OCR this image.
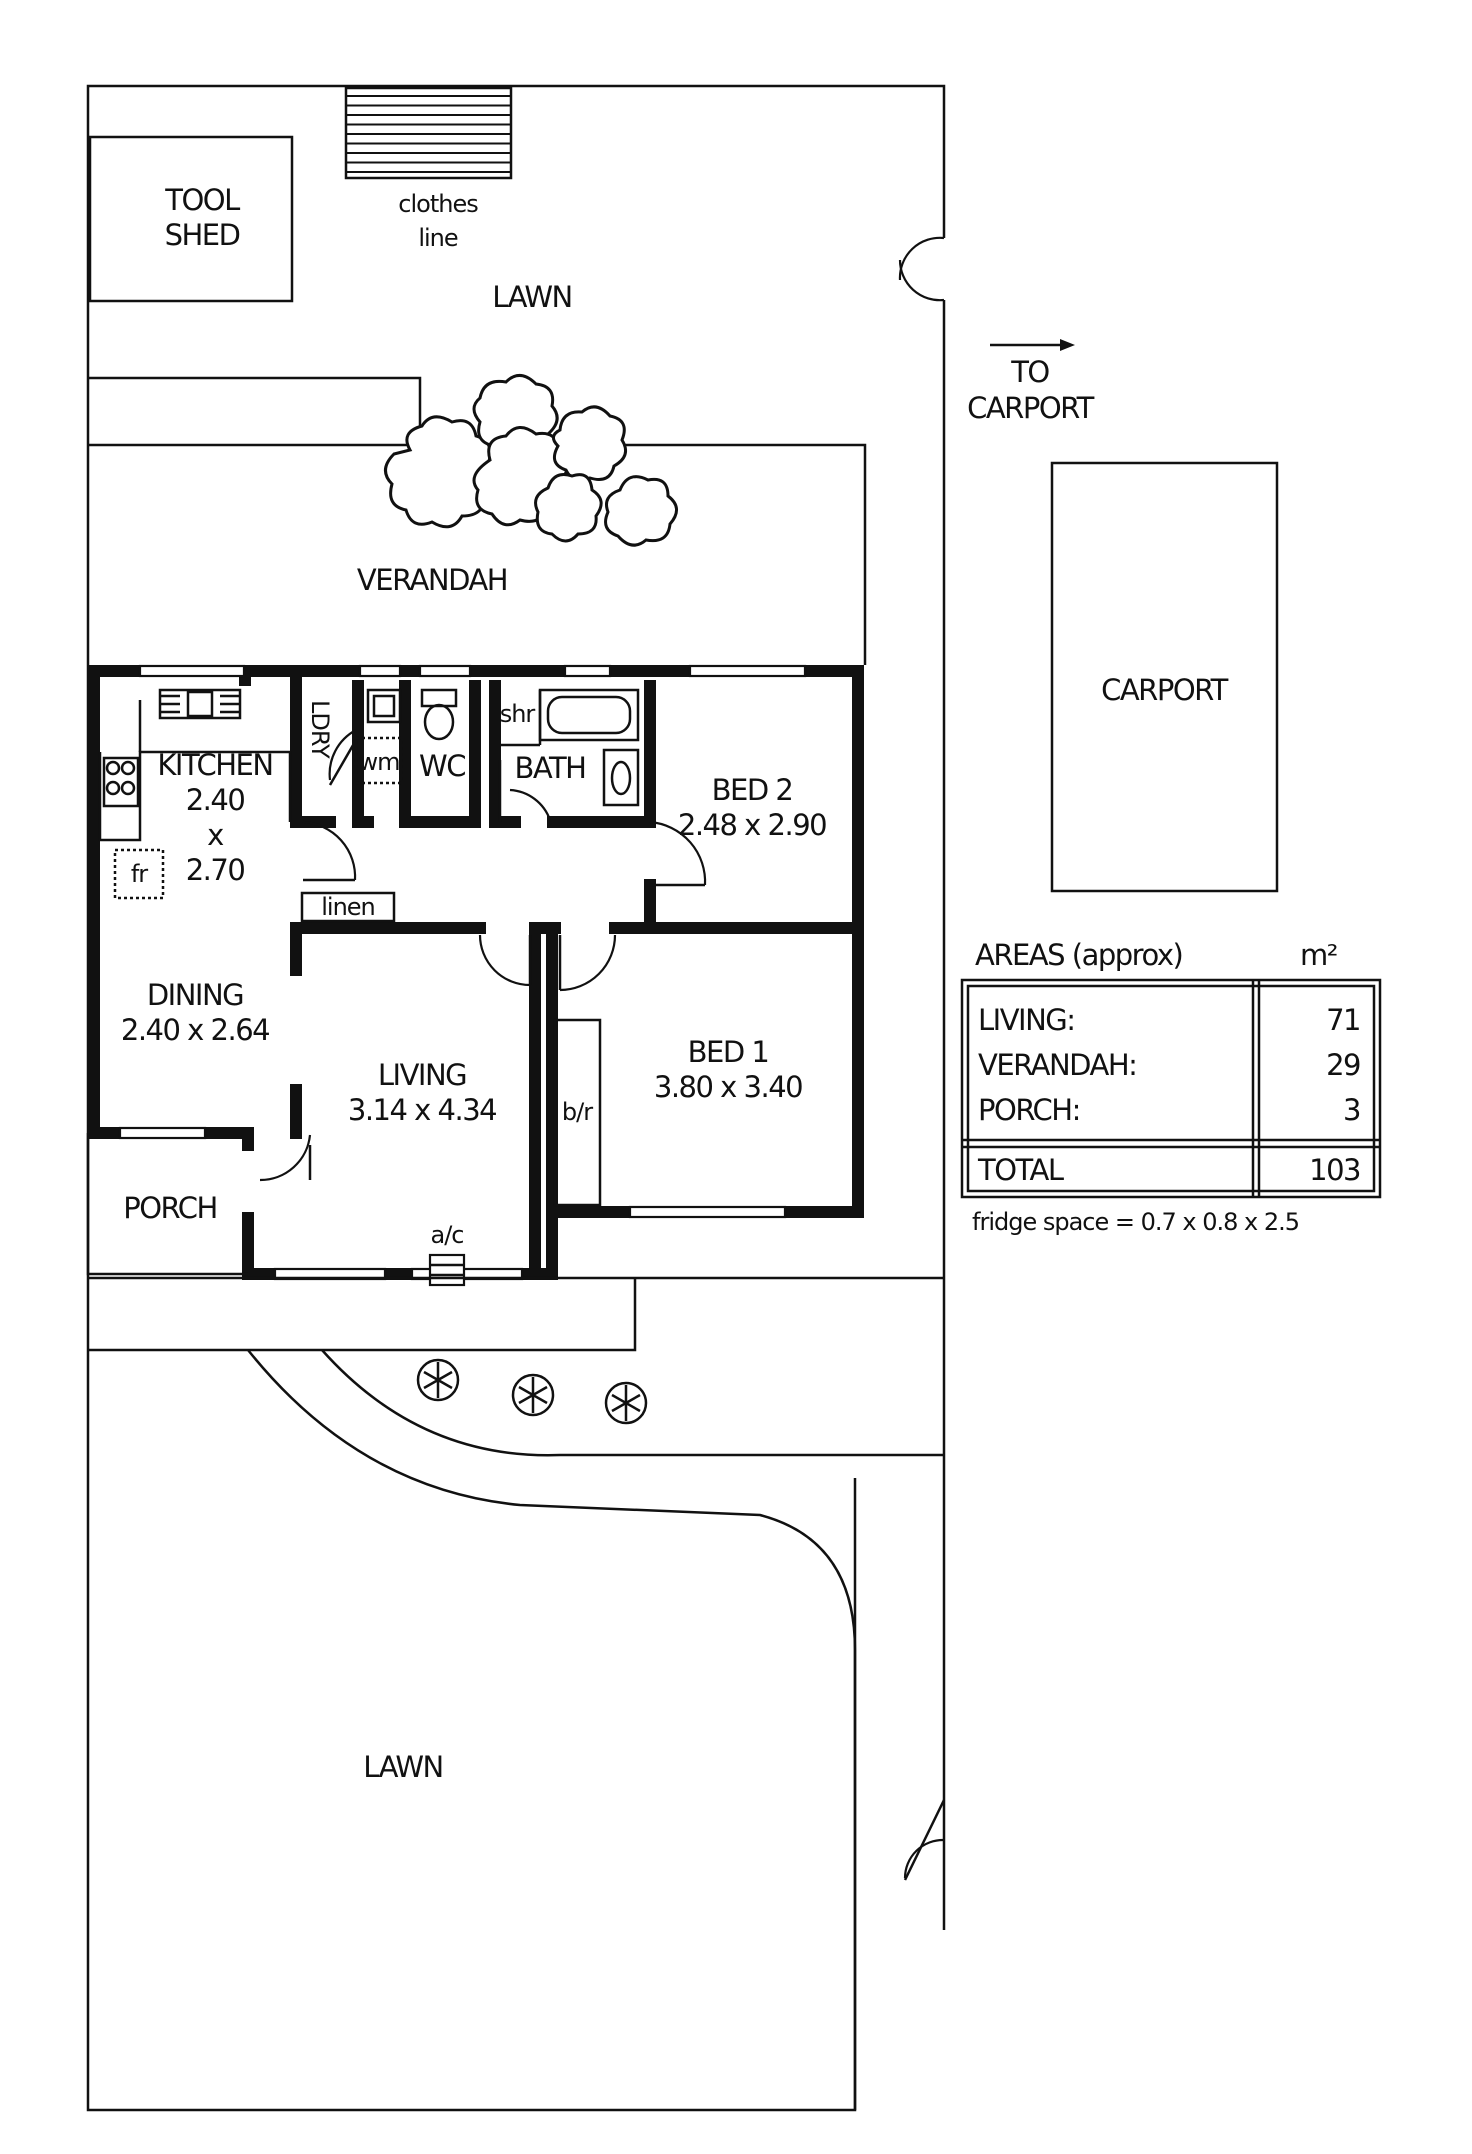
TOOL
SHED
clothes
line
LAWN
TO
CARPORT
VERANDAH
CARPORT
KITCHEN
2.40
x
2.70
fr
LDRY
wm WC
shr
BATH
BED 2
2.48 x 2.90
linen
DINING
2.40 x 2.64
LIVING
3.14 x 4.34	b/r
BED 1
3.80 x 3.40
PORCH
a/c
LAWN
AREAS (approx)	m²
LIVING:	71
VERANDAH:	29
PORCH:	3
TOTAL	103
fridge space = 0.7 x 0.8 x 2.5
